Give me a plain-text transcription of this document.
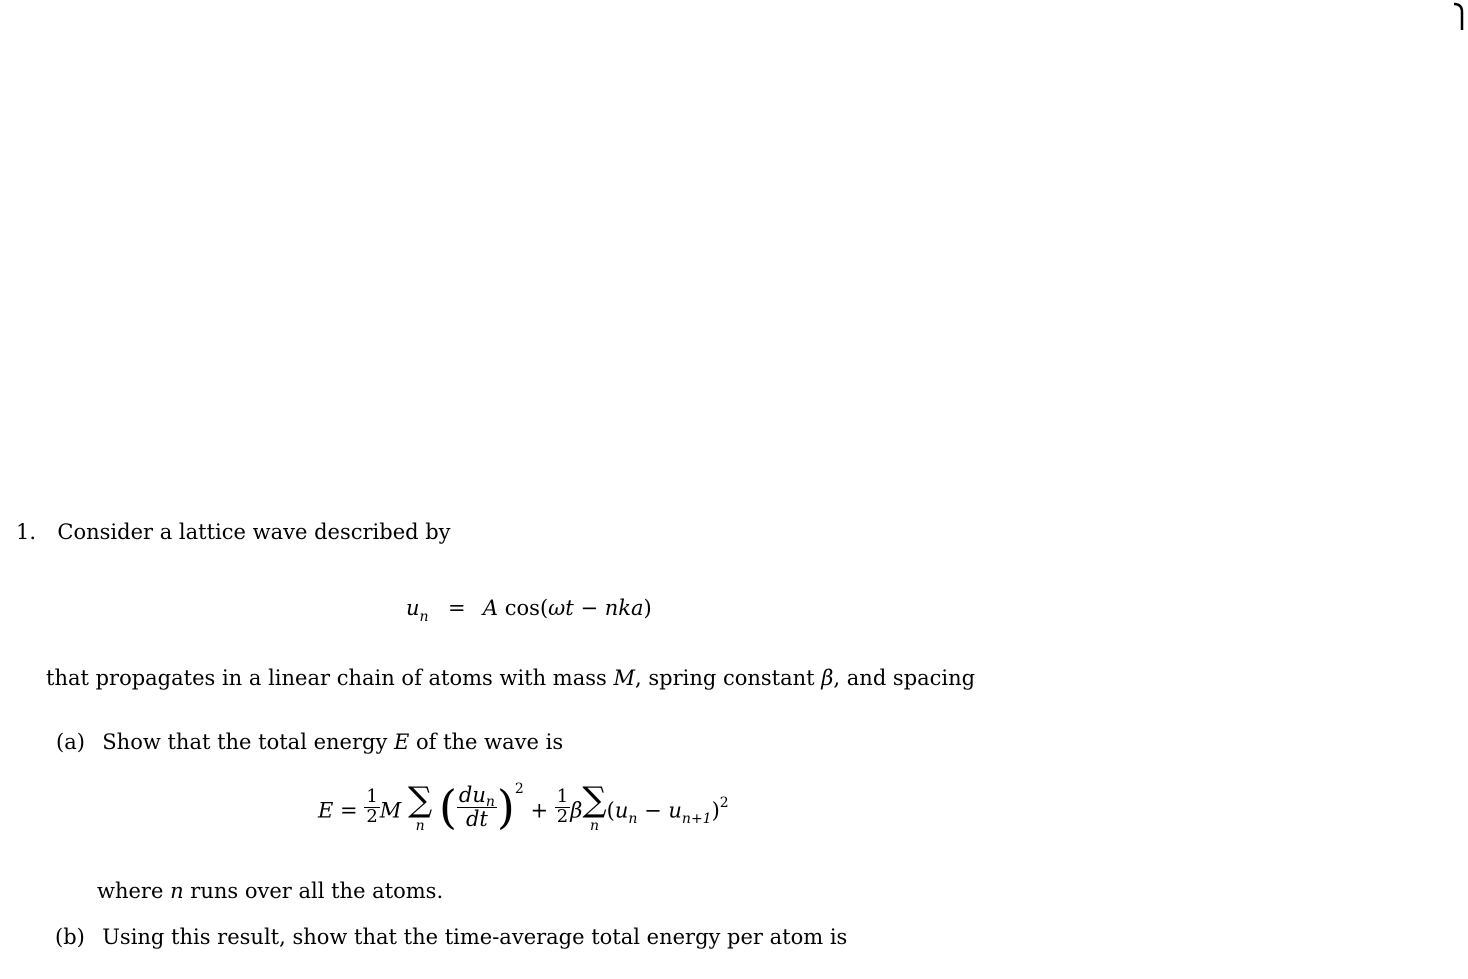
1. Consider a lattice wave described by
$u_n = A$ cos(ωt − nka)
that propagates in a linear chain of atoms with mass M, spring constant β, and spacing
(a) Show that the total energy E of the wave is
$E = \frac{1}{2}$ M ∑
n ( $\frac{\text{dun}}{dt} )^2 + \frac{1}{2}$ β ∑
n
$(u_n - u_{n+1})^2$
where n runs over all the atoms.
(b) Using this result, show that the time-average total energy per atom is
